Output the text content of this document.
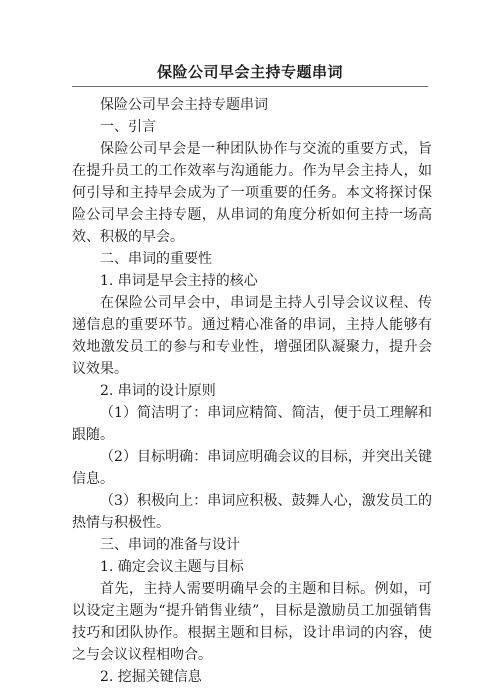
保险公司早会主持专题串词

保险公司早会主持专题串词

一、引言

保险公司早会是一种团队协作与交流的重要方式，旨在提升员工的工作效率与沟通能力。作为早会主持人，如何引导和主持早会成为了一项重要的任务。本文将探讨保险公司早会主持专题，从串词的角度分析如何主持一场高效、积极的早会。

二、串词的重要性

1. 串词是早会主持的核心

在保险公司早会中，串词是主持人引导会议议程、传递信息的重要环节。通过精心准备的串词，主持人能够有效地激发员工的参与和专业性，增强团队凝聚力，提升会议效果。

2. 串词的设计原则

（1）简洁明了：串词应精简、简洁，便于员工理解和跟随。

（2）目标明确：串词应明确会议的目标，并突出关键信息。

（3）积极向上：串词应积极、鼓舞人心，激发员工的热情与积极性。

三、串词的准备与设计

1. 确定会议主题与目标

首先，主持人需要明确早会的主题和目标。例如，可以设定主题为“提升销售业绩”，目标是激励员工加强销售技巧和团队协作。根据主题和目标，设计串词的内容，使之与会议议程相吻合。

2. 挖掘关键信息
